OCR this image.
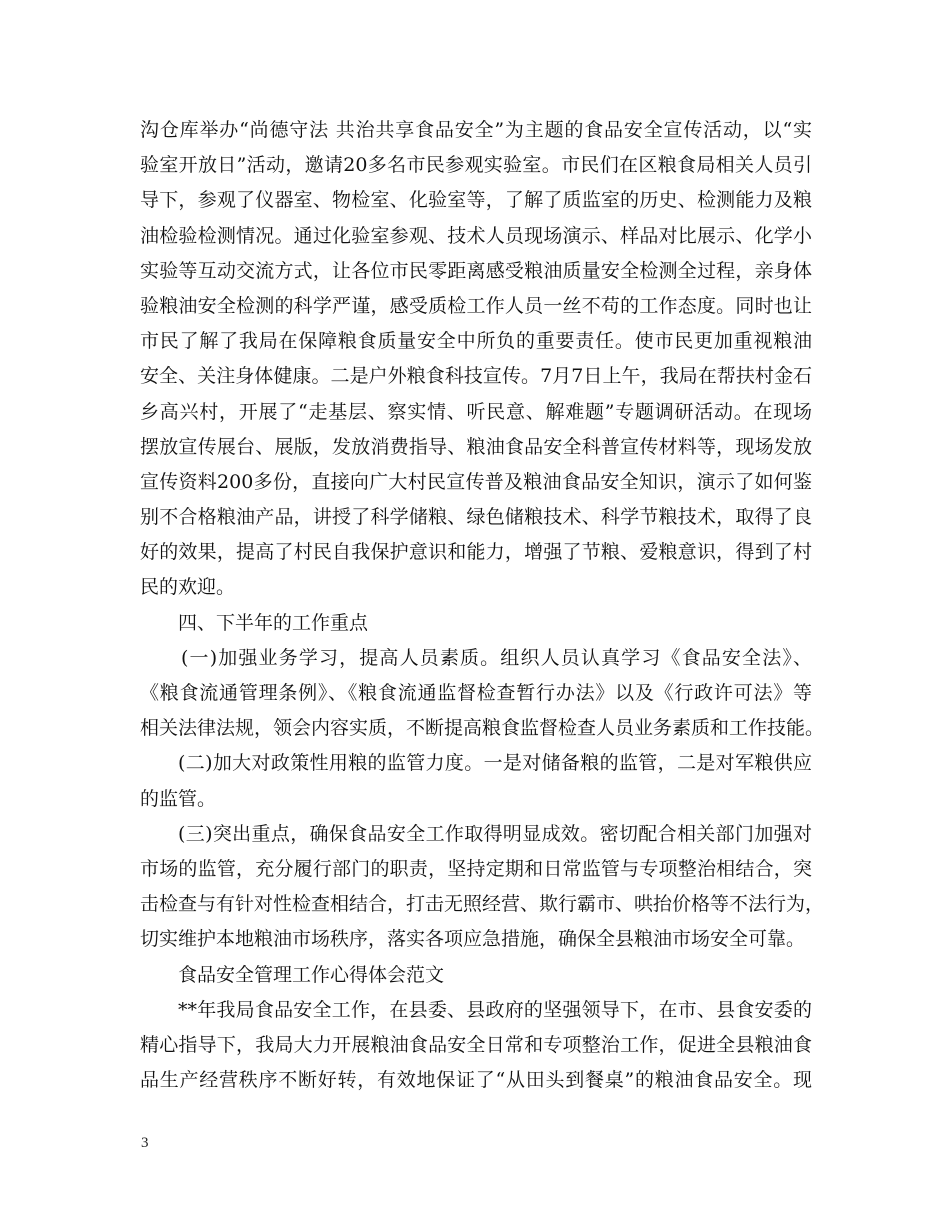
沟仓库举办“尚德守法 共治共享食品安全”为主题的食品安全宣传活动，以“实
验室开放日”活动，邀请20多名市民参观实验室。市民们在区粮食局相关人员引
导下，参观了仪器室、物检室、化验室等，了解了质监室的历史、检测能力及粮
油检验检测情况。通过化验室参观、技术人员现场演示、样品对比展示、化学小
实验等互动交流方式，让各位市民零距离感受粮油质量安全检测全过程，亲身体
验粮油安全检测的科学严谨，感受质检工作人员一丝不苟的工作态度。同时也让
市民了解了我局在保障粮食质量安全中所负的重要责任。使市民更加重视粮油
安全、关注身体健康。二是户外粮食科技宣传。7月7日上午，我局在帮扶村金石
乡高兴村，开展了“走基层、察实情、听民意、解难题”专题调研活动。在现场
摆放宣传展台、展版，发放消费指导、粮油食品安全科普宣传材料等，现场发放
宣传资料200多份，直接向广大村民宣传普及粮油食品安全知识，演示了如何鉴
别不合格粮油产品，讲授了科学储粮、绿色储粮技术、科学节粮技术，取得了良
好的效果，提高了村民自我保护意识和能力，增强了节粮、爱粮意识，得到了村
民的欢迎。
四、下半年的工作重点
(一)加强业务学习，提高人员素质。组织人员认真学习《食品安全法》、
《粮食流通管理条例》、《粮食流通监督检查暂行办法》以及《行政许可法》等
相关法律法规，领会内容实质，不断提高粮食监督检查人员业务素质和工作技能。
(二)加大对政策性用粮的监管力度。一是对储备粮的监管，二是对军粮供应
的监管。
(三)突出重点，确保食品安全工作取得明显成效。密切配合相关部门加强对
市场的监管，充分履行部门的职责，坚持定期和日常监管与专项整治相结合，突
击检查与有针对性检查相结合，打击无照经营、欺行霸市、哄抬价格等不法行为，
切实维护本地粮油市场秩序，落实各项应急措施，确保全县粮油市场安全可靠。
食品安全管理工作心得体会范文
**年我局食品安全工作，在县委、县政府的坚强领导下，在市、县食安委的
精心指导下，我局大力开展粮油食品安全日常和专项整治工作，促进全县粮油食
品生产经营秩序不断好转，有效地保证了“从田头到餐桌”的粮油食品安全。现
3
